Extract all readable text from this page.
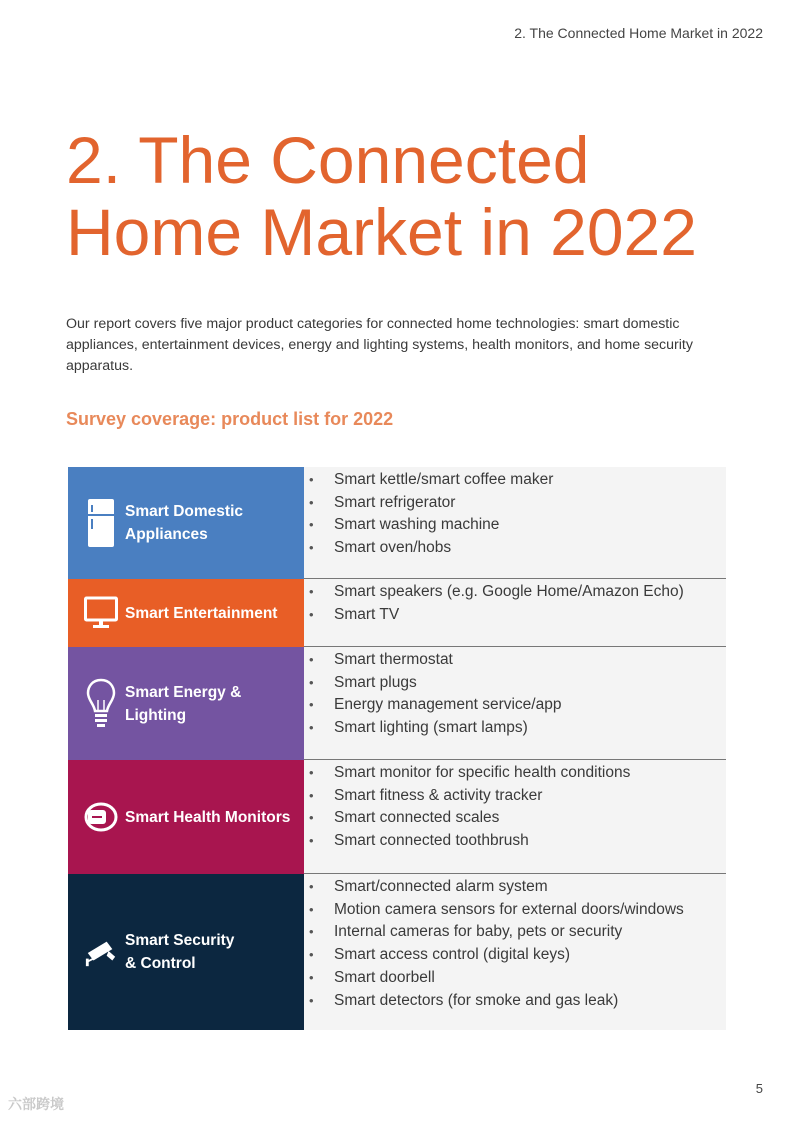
2. The Connected Home Market in 2022
2. The Connected Home Market in 2022

Our report covers five major product categories for connected home technologies: smart domestic appliances, entertainment devices, energy and lighting systems, health monitors, and home security apparatus.

Survey coverage: product list for 2022
Smart Domestic
Appliances
• Smart kettle/smart coffee maker
• Smart refrigerator
• Smart washing machine
• Smart oven/hobs
Smart Entertainment
• Smart speakers (e.g. Google Home/Amazon Echo)
• Smart TV
Smart Energy & Lighting
• Smart thermostat
• Smart plugs
• Energy management service/app
• Smart lighting (smart lamps)
Smart Health Monitors
• Smart monitor for specific health conditions
• Smart fitness & activity tracker
• Smart connected scales
• Smart connected toothbrush
Smart Security
& Control
• Smart/connected alarm system
• Motion camera sensors for external doors/windows
• Internal cameras for baby, pets or security
• Smart access control (digital keys)
• Smart doorbell
• Smart detectors (for smoke and gas leak)
5
六部跨境
